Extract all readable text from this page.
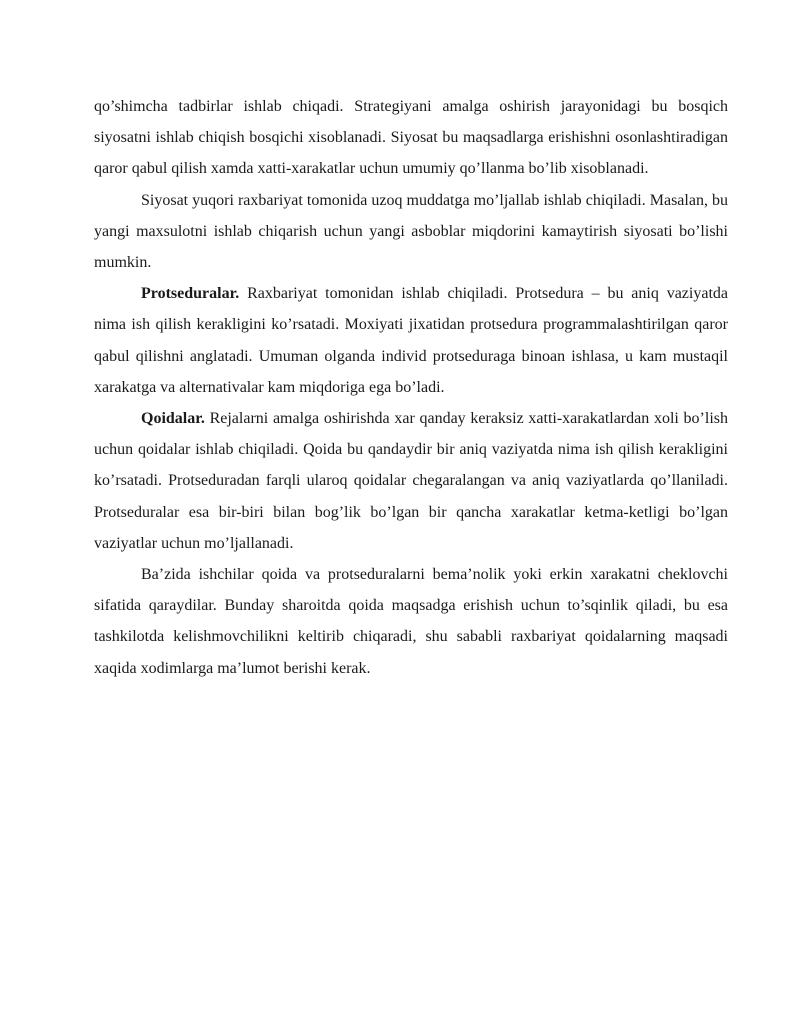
qo’shimcha tadbirlar ishlab chiqadi. Strategiyani amalga oshirish jarayonidagi bu bosqich siyosatni ishlab chiqish bosqichi xisoblanadi. Siyosat bu maqsadlarga erishishni osonlashtiradigan qaror qabul qilish xamda xatti-xarakatlar uchun umumiy qo’llanma bo’lib xisoblanadi.

Siyosat yuqori raxbariyat tomonida uzoq muddatga mo’ljallab ishlab chiqiladi. Masalan, bu yangi maxsulotni ishlab chiqarish uchun yangi asboblar miqdorini kamaytirish siyosati bo’lishi mumkin.

Protseduralar. Raxbariyat tomonidan ishlab chiqiladi. Protsedura – bu aniq vaziyatda nima ish qilish kerakligini ko’rsatadi. Moxiyati jixatidan protsedura programmalashtirilgan qaror qabul qilishni anglatadi. Umuman olganda individ protseduraga binoan ishlasa, u kam mustaqil xarakatga va alternativalar kam miqdoriga ega bo’ladi.

Qoidalar. Rejalarni amalga oshirishda xar qanday keraksiz xatti-xarakatlardan xoli bo’lish uchun qoidalar ishlab chiqiladi. Qoida bu qandaydir bir aniq vaziyatda nima ish qilish kerakligini ko’rsatadi. Protseduradan farqli ularoq qoidalar chegaralangan va aniq vaziyatlarda qo’llaniladi. Protseduralar esa bir-biri bilan bog’lik bo’lgan bir qancha xarakatlar ketma-ketligi bo’lgan vaziyatlar uchun mo’ljallanadi.

Ba’zida ishchilar qoida va protseduralarni bema’nolik yoki erkin xarakatni cheklovchi sifatida qaraydilar. Bunday sharoitda qoida maqsadga erishish uchun to’sqinlik qiladi, bu esa tashkilotda kelishmovchilikni keltirib chiqaradi, shu sababli raxbariyat qoidalarning maqsadi xaqida xodimlarga ma’lumot berishi kerak.
